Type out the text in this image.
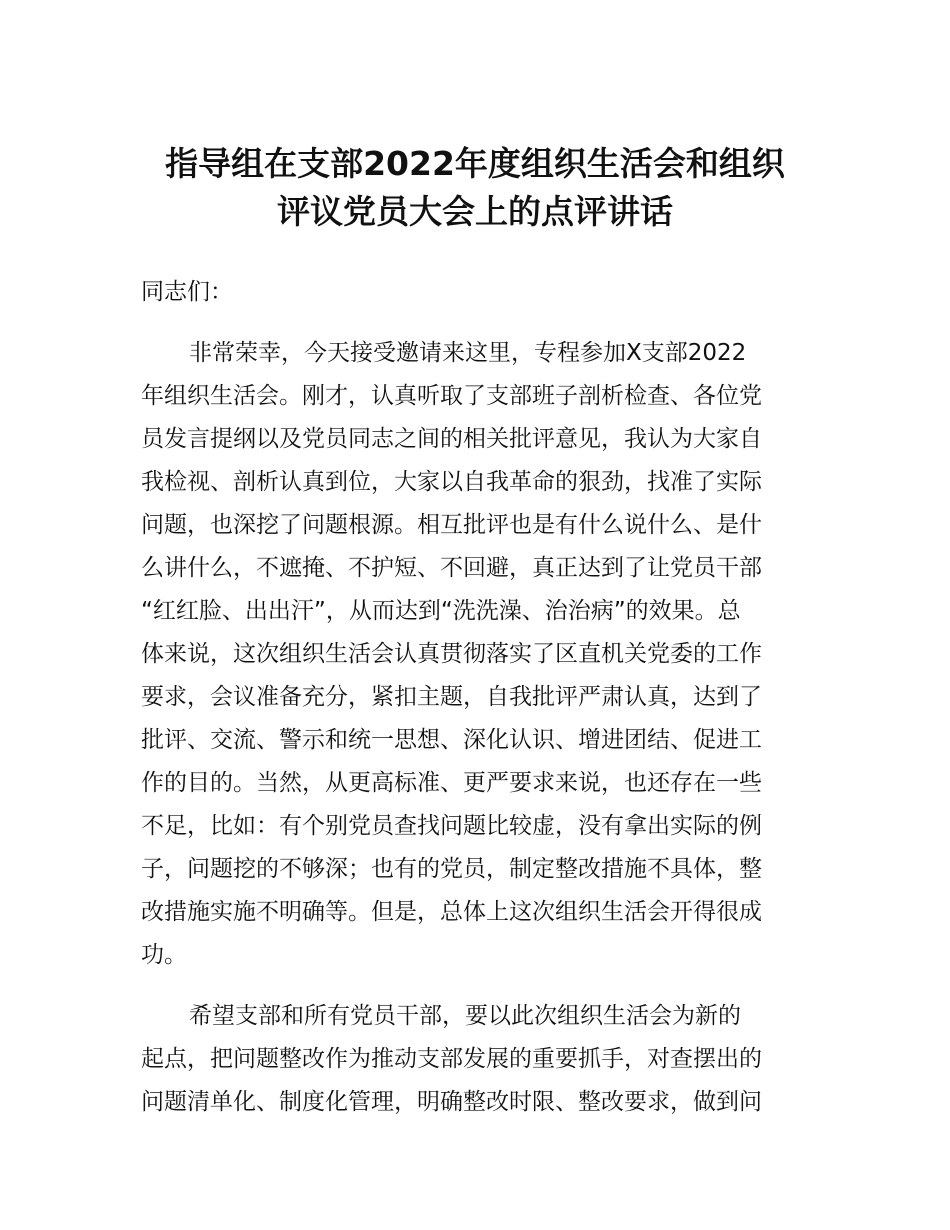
指导组在支部2022年度组织生活会和组织
评议党员大会上的点评讲话

同志们：

非常荣幸，今天接受邀请来这里，专程参加X支部2022
年组织生活会。刚才，认真听取了支部班子剖析检查、各位党
员发言提纲以及党员同志之间的相关批评意见，我认为大家自
我检视、剖析认真到位，大家以自我革命的狠劲，找准了实际
问题，也深挖了问题根源。相互批评也是有什么说什么、是什
么讲什么，不遮掩、不护短、不回避，真正达到了让党员干部
“红红脸、出出汗”，从而达到“洗洗澡、治治病”的效果。总
体来说，这次组织生活会认真贯彻落实了区直机关党委的工作
要求，会议准备充分，紧扣主题，自我批评严肃认真，达到了
批评、交流、警示和统一思想、深化认识、增进团结、促进工
作的目的。当然，从更高标准、更严要求来说，也还存在一些
不足，比如：有个别党员查找问题比较虚，没有拿出实际的例
子，问题挖的不够深；也有的党员，制定整改措施不具体，整
改措施实施不明确等。但是，总体上这次组织生活会开得很成
功。
希望支部和所有党员干部，要以此次组织生活会为新的
起点，把问题整改作为推动支部发展的重要抓手，对查摆出的
问题清单化、制度化管理，明确整改时限、整改要求，做到问
